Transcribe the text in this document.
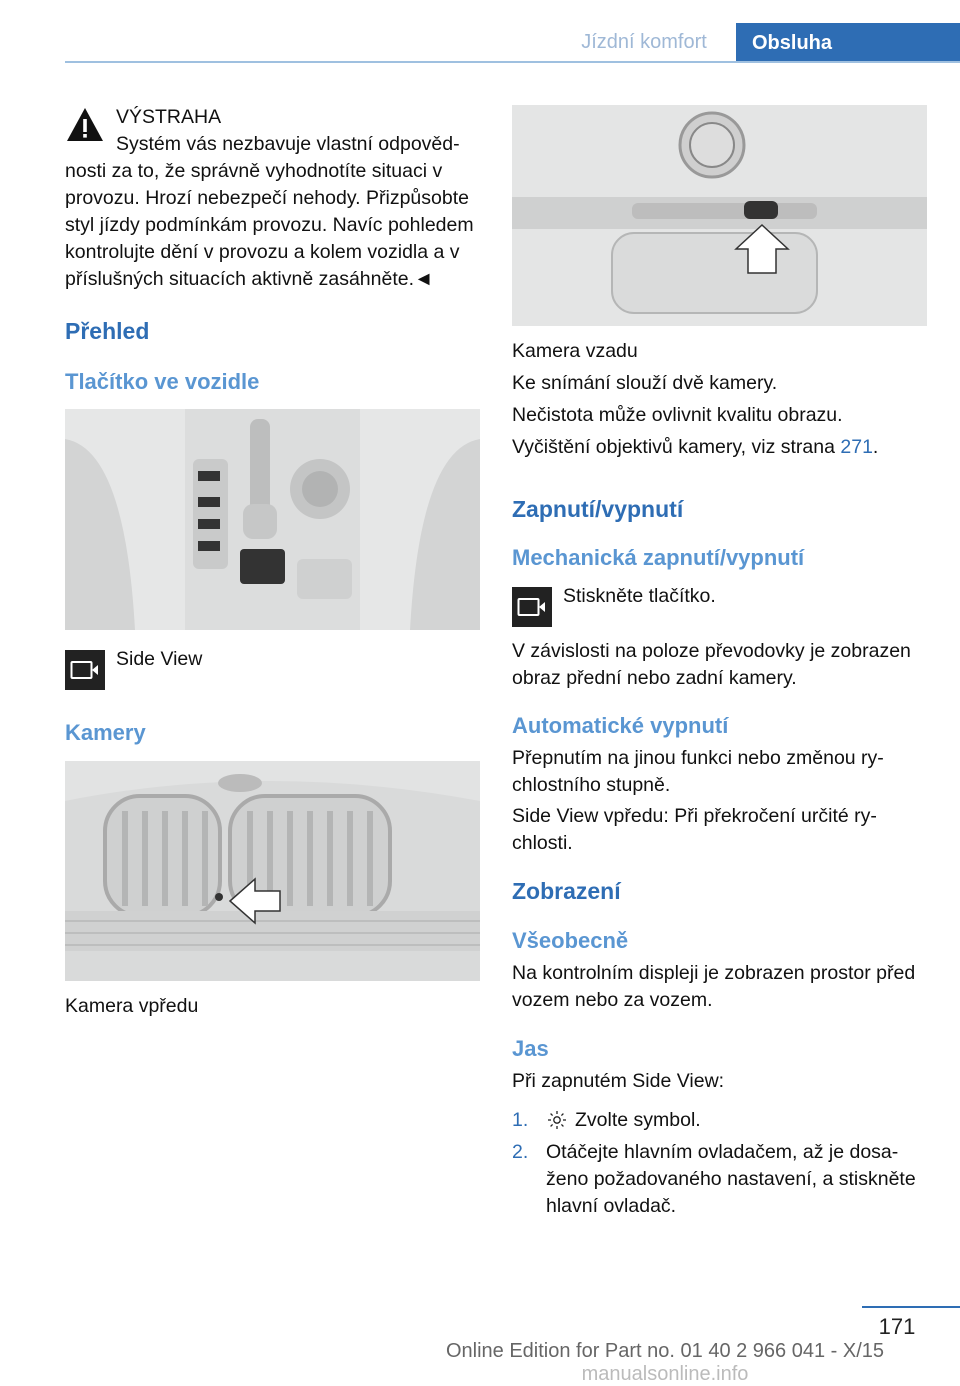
Jízdní komfort	Obsluha
VÝSTRAHA
Systém vás nezbavuje vlastní odpověd‐
nosti za to, že správně vyhodnotíte situaci v
provozu. Hrozí nebezpečí nehody. Přizpůsobte
styl jízdy podmínkám provozu. Navíc pohledem
kontrolujte dění v provozu a kolem vozidla a v
příslušných situacích aktivně zasáhněte.◄
Přehled
Tlačítko ve vozidle
Side View
Kamery
Kamera vpředu
Kamera vzadu
Ke snímání slouží dvě kamery.
Nečistota může ovlivnit kvalitu obrazu.
Vyčištění objektivů kamery, viz strana 271.
Zapnutí/vypnutí
Mechanická zapnutí/vypnutí
Stiskněte tlačítko.
V závislosti na poloze převodovky je zobrazen
obraz přední nebo zadní kamery.
Automatické vypnutí
Přepnutím na jinou funkci nebo změnou ry‐
chlostního stupně.
Side View vpředu: Při překročení určité ry‐
chlosti.
Zobrazení
Všeobecně
Na kontrolním displeji je zobrazen prostor před
vozem nebo za vozem.
Jas
Při zapnutém Side View:
1. Zvolte symbol.
2. Otáčejte hlavním ovladačem, až je dosa‐
ženo požadovaného nastavení, a stiskněte
hlavní ovladač.
171
Online Edition for Part no. 01 40 2 966 041 - X/15 manualsonline.info
